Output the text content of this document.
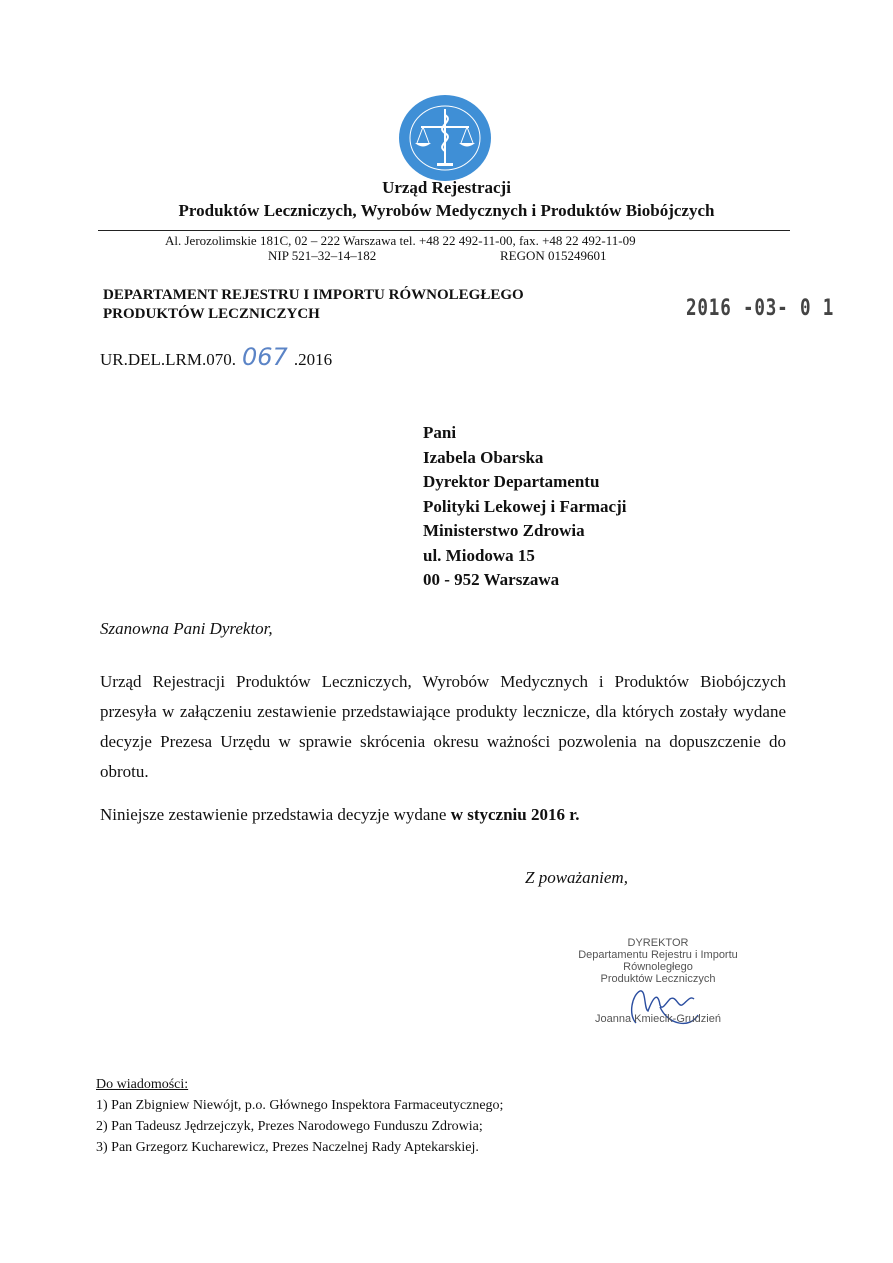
Urząd Rejestracji
Produktów Leczniczych, Wyrobów Medycznych i Produktów Biobójczych
Al. Jerozolimskie 181C, 02 – 222 Warszawa tel. +48 22 492-11-00, fax. +48 22 492-11-09
NIP 521–32–14–182	REGON 015249601
DEPARTAMENT REJESTRU I IMPORTU RÓWNOLEGŁEGO
PRODUKTÓW LECZNICZYCH	2016 -03- 0 1
UR.DEL.LRM.070. 067 .2016
Pani
Izabela Obarska
Dyrektor Departamentu
Polityki Lekowej i Farmacji
Ministerstwo Zdrowia
ul. Miodowa 15
00 - 952 Warszawa
Szanowna Pani Dyrektor,
Urząd Rejestracji Produktów Leczniczych, Wyrobów Medycznych i Produktów Biobójczych przesyła w załączeniu zestawienie przedstawiające produkty lecznicze, dla których zostały wydane decyzje Prezesa Urzędu w sprawie skrócenia okresu ważności pozwolenia na dopuszczenie do obrotu.
Niniejsze zestawienie przedstawia decyzje wydane w styczniu 2016 r.
Z poważaniem,
DYREKTOR
Departamentu Rejestru i Importu Równoległego
Produktów Leczniczych
Joanna Kmiecik-Grudzień
Do wiadomości:
1) Pan Zbigniew Niewójt, p.o. Głównego Inspektora Farmaceutycznego;
2) Pan Tadeusz Jędrzejczyk, Prezes Narodowego Funduszu Zdrowia;
3) Pan Grzegorz Kucharewicz, Prezes Naczelnej Rady Aptekarskiej.
